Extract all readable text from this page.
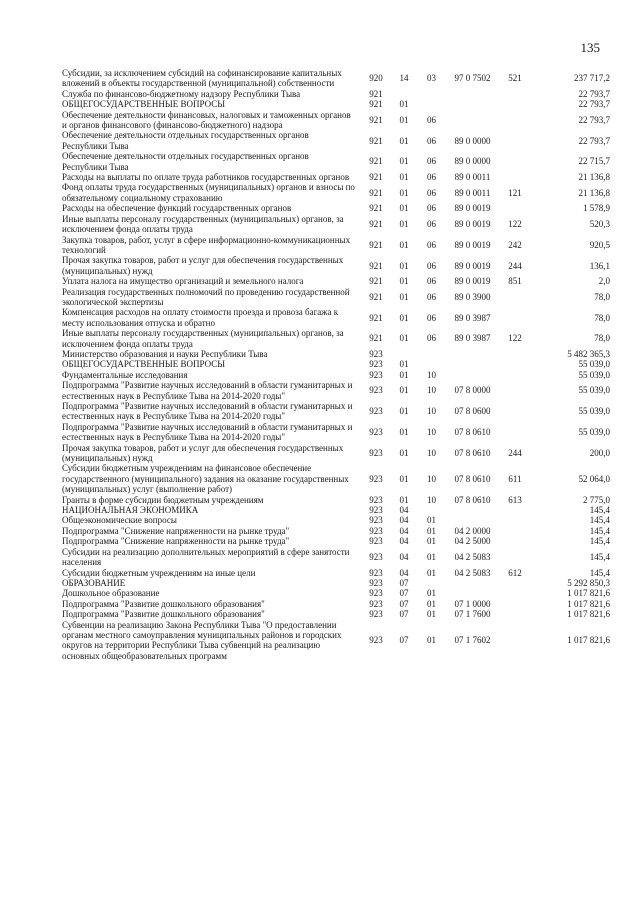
135
Субсидии, за исключением субсидий на софинансирование капитальных вложений в объекты государственной (муниципальной) собственности	920	14	03	97 0 7502	521	237 717,2
Служба по финансово-бюджетному надзору Республики Тыва	921					22 793,7
ОБЩЕГОСУДАРСТВЕННЫЕ ВОПРОСЫ	921	01				22 793,7
Обеспечение деятельности финансовых, налоговых и таможенных органов и органов финансового (финансово-бюджетного) надзора	921	01	06			22 793,7
Обеспечение деятельности отдельных государственных органов Республики Тыва	921	01	06	89 0 0000		22 793,7
Обеспечение деятельности отдельных государственных органов Республики Тыва	921	01	06	89 0 0000		22 715,7
Расходы на выплаты по оплате труда работников государственных органов	921	01	06	89 0 0011		21 136,8
Фонд оплаты труда государственных (муниципальных) органов и взносы по обязательному социальному страхованию	921	01	06	89 0 0011	121	21 136,8
Расходы на обеспечение функций государственных органов	921	01	06	89 0 0019		1 578,9
Иные выплаты персоналу государственных (муниципальных) органов, за исключением фонда оплаты труда	921	01	06	89 0 0019	122	520,3
Закупка товаров, работ, услуг в сфере информационно-коммуникационных технологий	921	01	06	89 0 0019	242	920,5
Прочая закупка товаров, работ и услуг для обеспечения государственных (муниципальных) нужд	921	01	06	89 0 0019	244	136,1
Уплата налога на имущество организаций и земельного налога	921	01	06	89 0 0019	851	2,0
Реализация государственных полномочий по проведению государственной экологической экспертизы	921	01	06	89 0 3900		78,0
Компенсация расходов на оплату стоимости проезда и провоза багажа к месту использования отпуска и обратно	921	01	06	89 0 3987		78,0
Иные выплаты персоналу государственных (муниципальных) органов, за исключением фонда оплаты труда	921	01	06	89 0 3987	122	78,0
Министерство образования и науки Республики Тыва	923					5 482 365,3
ОБЩЕГОСУДАРСТВЕННЫЕ ВОПРОСЫ	923	01				55 039,0
Фундаментальные исследования	923	01	10			55 039,0
Подпрограмма "Развитие научных исследований в области гуманитарных и естественных наук в Республике Тыва на 2014-2020 годы"	923	01	10	07 8 0000		55 039,0
Подпрограмма "Развитие научных исследований в области гуманитарных и естественных наук в Республике Тыва на 2014-2020 годы"	923	01	10	07 8 0600		55 039,0
Подпрограмма "Развитие научных исследований в области гуманитарных и естественных наук в Республике Тыва на 2014-2020 годы"	923	01	10	07 8 0610		55 039,0
Прочая закупка товаров, работ и услуг для обеспечения государственных (муниципальных) нужд	923	01	10	07 8 0610	244	200,0
Субсидии бюджетным учреждениям на финансовое обеспечение государственного (муниципального) задания на оказание государственных (муниципальных) услуг (выполнение работ)	923	01	10	07 8 0610	611	52 064,0
Гранты в форме субсидии бюджетным учреждениям	923	01	10	07 8 0610	613	2 775,0
НАЦИОНАЛЬНАЯ ЭКОНОМИКА	923	04				145,4
Общеэкономические вопросы	923	04	01			145,4
Подпрограмма "Снижение напряженности на рынке труда"	923	04	01	04 2 0000		145,4
Подпрограмма "Снижение напряженности на рынке труда"	923	04	01	04 2 5000		145,4
Субсидии на реализацию дополнительных мероприятий в сфере занятости населения	923	04	01	04 2 5083		145,4
Субсидии бюджетным учреждениям на иные цели	923	04	01	04 2 5083	612	145,4
ОБРАЗОВАНИЕ	923	07				5 292 850,3
Дошкольное образование	923	07	01			1 017 821,6
Подпрограмма "Развитие дошкольного образования"	923	07	01	07 1 0000		1 017 821,6
Подпрограмма "Развитие дошкольного образования"	923	07	01	07 1 7600		1 017 821,6
Субвенции на реализацию Закона Республики Тыва "О предоставлении органам местного самоуправления муниципальных районов и городских округов на территории Республики Тыва субвенций на реализацию основных общеобразовательных программ	923	07	01	07 1 7602		1 017 821,6
